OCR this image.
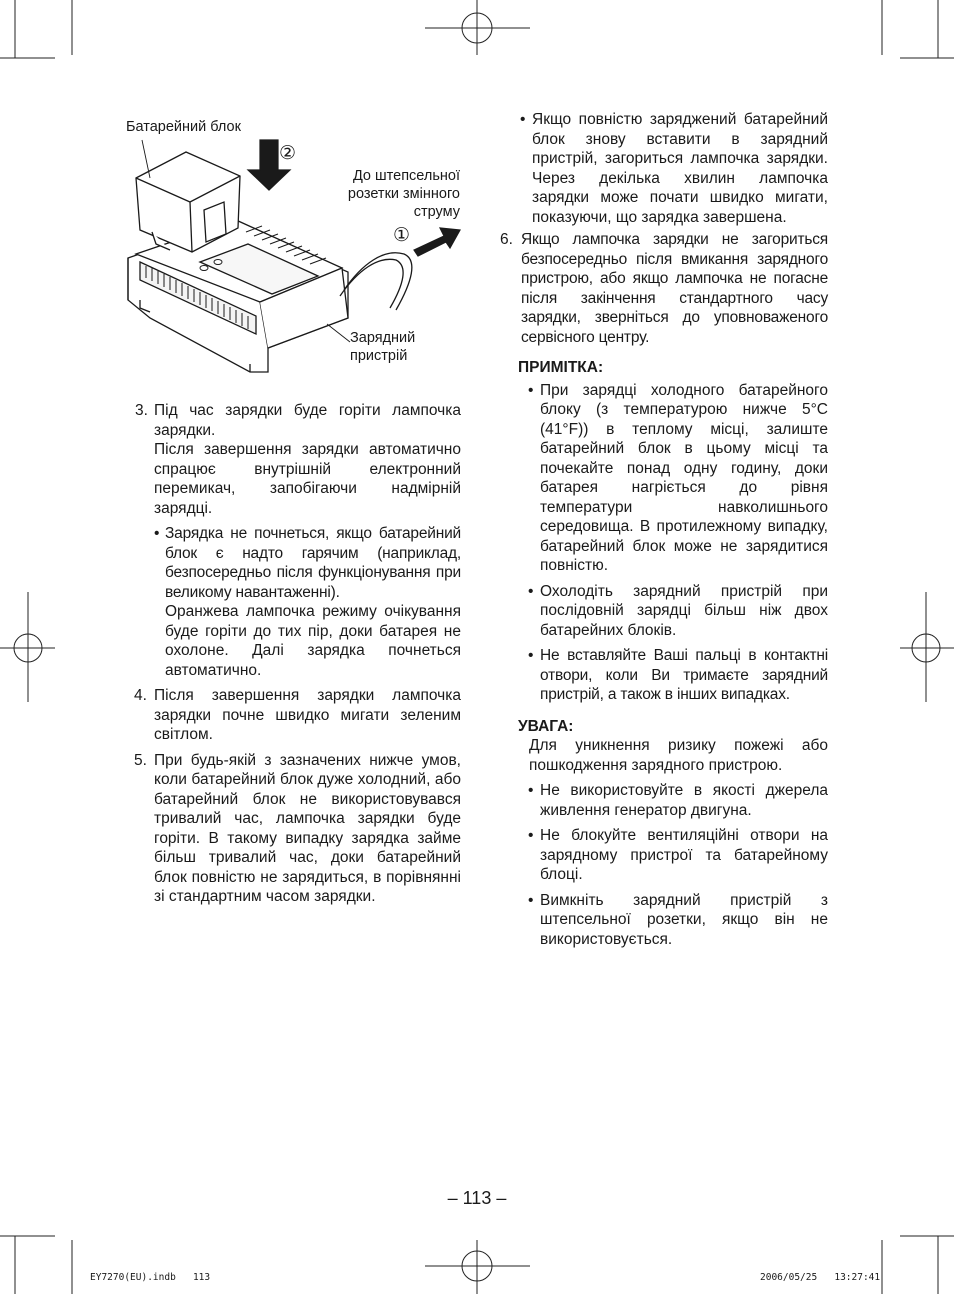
Батарейний блок
До штепсельної розетки змінного струму
Зарядний
пристрій
②
①
3. Під час зарядки буде горіти лампочка зарядки.

Після завершення зарядки автоматично спрацює внутрішній електронний перемикач, запобігаючи надмірній зарядці.

• Зарядка не почнеться, якщо батарейний блок є надто гарячим (наприклад, безпосередньо після функціонування при великому навантаженні).

Оранжева лампочка режиму очікування буде горіти до тих пір, доки батарея не охолоне. Далі зарядка почнеться автоматично.

4. Після завершення зарядки лампочка зарядки почне швидко мигати зеленим світлом.

5. При будь-якій з зазначених нижче умов, коли батарейний блок дуже холодний, або батарейний блок не використовувався тривалий час, лампочка зарядки буде горіти. В такому випадку зарядка займе більш тривалий час, доки батарейний блок повністю не зарядиться, в порівнянні зі стандартним часом зарядки.

• Якщо повністю заряджений батарейний блок знову вставити в зарядний пристрій, загориться лампочка зарядки. Через декілька хвилин лампочка зарядки може почати швидко мигати, показуючи, що зарядка завершена.

6. Якщо лампочка зарядки не загориться безпосередньо після вмикання зарядного пристрою, або якщо лампочка не погасне після закінчення стандартного часу зарядки, зверніться до уповноваженого сервісного центру.

ПРИМІТКА:
• При зарядці холодного батарейного блоку (з температурою нижче 5°C (41°F)) в теплому місці, залиште батарейний блок в цьому місці та почекайте понад одну годину, доки батарея нагріється до рівня температури навколишнього середовища. В протилежному випадку, батарейний блок може не зарядитися повністю.

• Охолодіть зарядний пристрій при послідовній зарядці більш ніж двох батарейних блоків.

• Не вставляйте Ваші пальці в контактні отвори, коли Ви тримаєте зарядний пристрій, а також в інших випадках.

УВАГА:

Для уникнення ризику пожежі або пошкодження зарядного пристрою.

• Не використовуйте в якості джерела живлення генератор двигуна.

• Не блокуйте вентиляційні отвори на зарядному пристрої та батарейному блоці.

• Вимкніть зарядний пристрій з штепсельної розетки, якщо він не використовується.

– 113 –
EY7270(EU).indb   113	2006/05/25   13:27:41
